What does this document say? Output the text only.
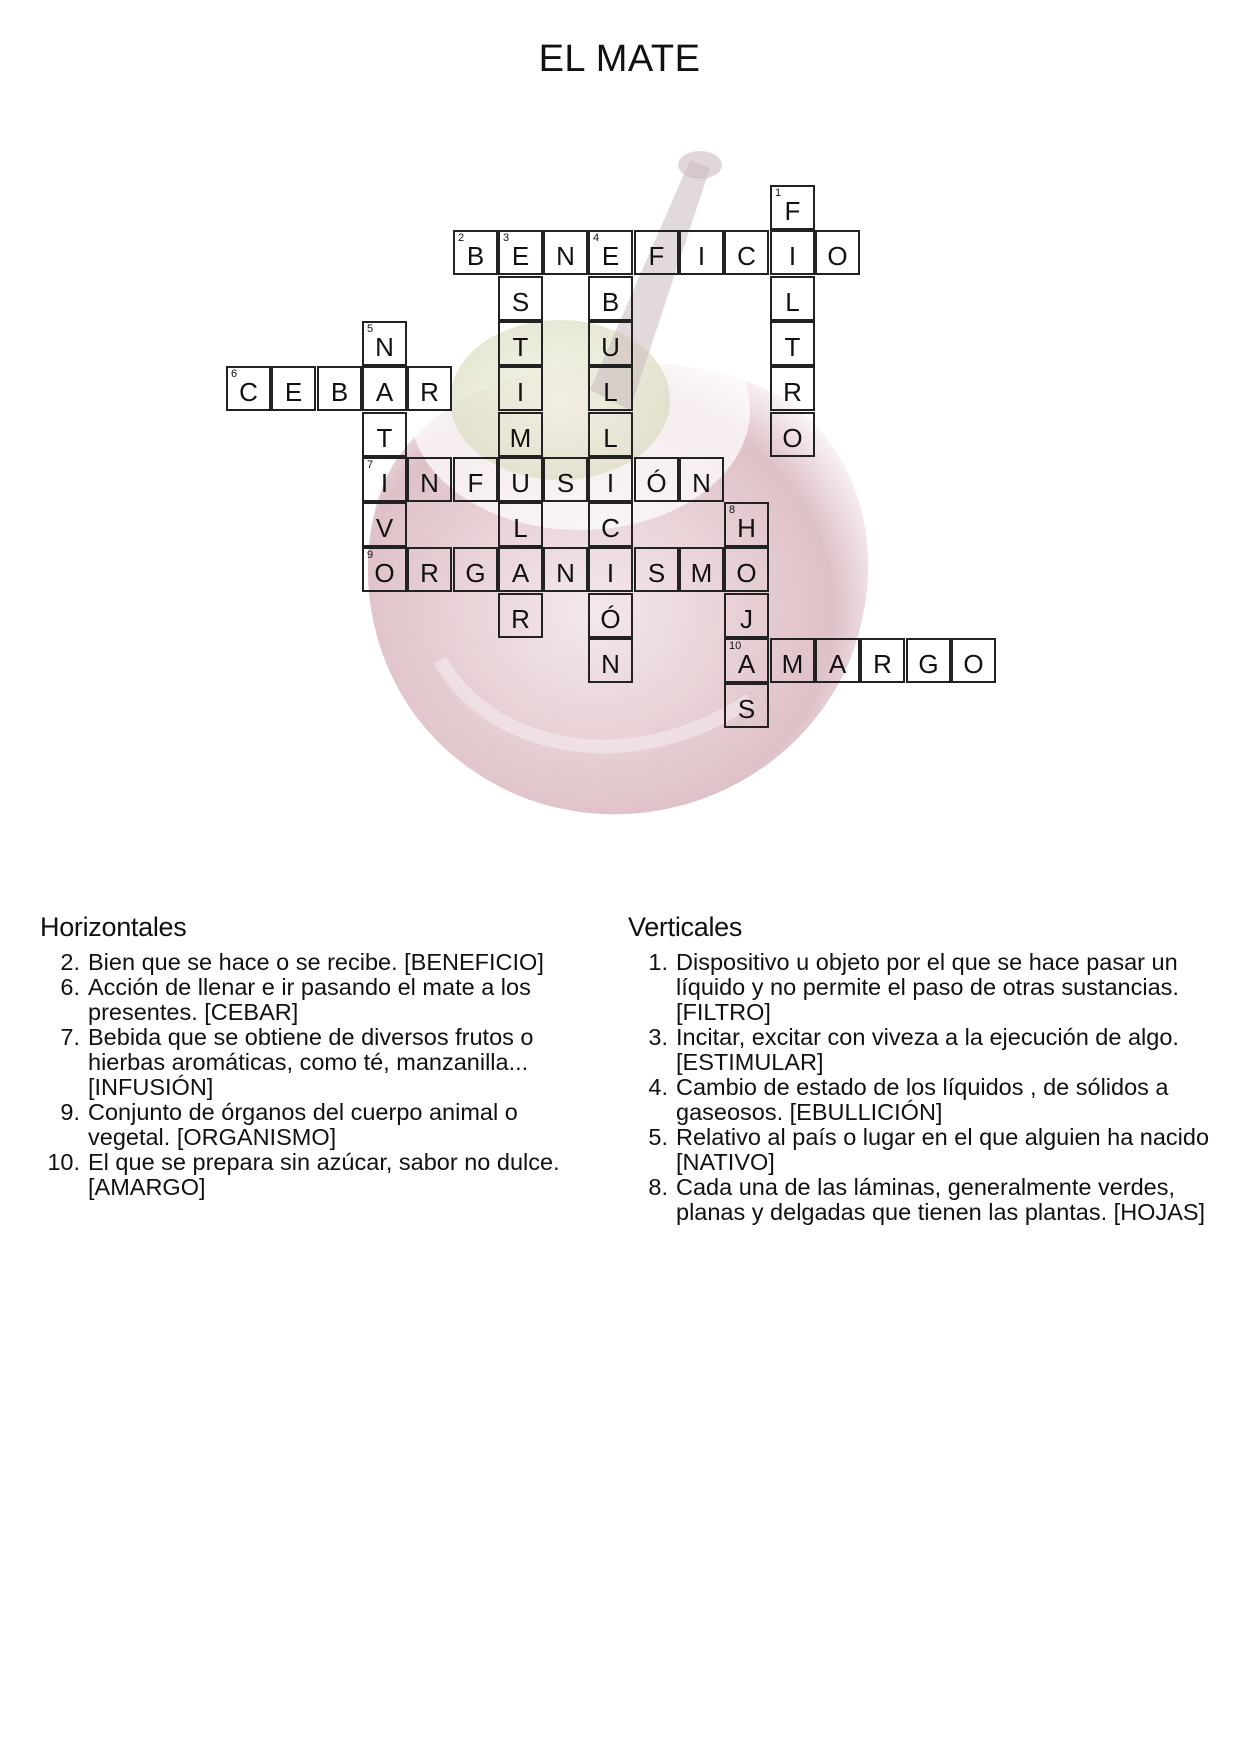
EL MATE
1
F
2
B
3
E	N
4
E	F	I	C	I	O
S	B	L
5
N	T	U	T
6
C	E	B	A	R	I	L	R
T	M	L	O
7
I	N	F	U	S	I	Ó N
V	L	C
8
H
9
O R	G	A	N	I	S M O
R	Ó	J
N
10
A	M A	R	G O
S
Horizontales
2. Bien que se hace o se recibe. [BENEFICIO]
6. Acción de llenar e ir pasando el mate a los presentes. [CEBAR]
7. Bebida que se obtiene de diversos frutos o hierbas aromáticas, como té, manzanilla... [INFUSIÓN]
9. Conjunto de órganos del cuerpo animal o vegetal. [ORGANISMO]
10. El que se prepara sin azúcar, sabor no dulce. [AMARGO]
Verticales
1. Dispositivo u objeto por el que se hace pasar un líquido y no permite el paso de otras sustancias. [FILTRO]
3. Incitar, excitar con viveza a la ejecución de algo. [ESTIMULAR]
4. Cambio de estado de los líquidos , de sólidos a gaseosos. [EBULLICIÓN]
5. Relativo al país o lugar en el que alguien ha nacido [NATIVO]
8. Cada una de las láminas, generalmente verdes, planas y delgadas que tienen las plantas. [HOJAS]
